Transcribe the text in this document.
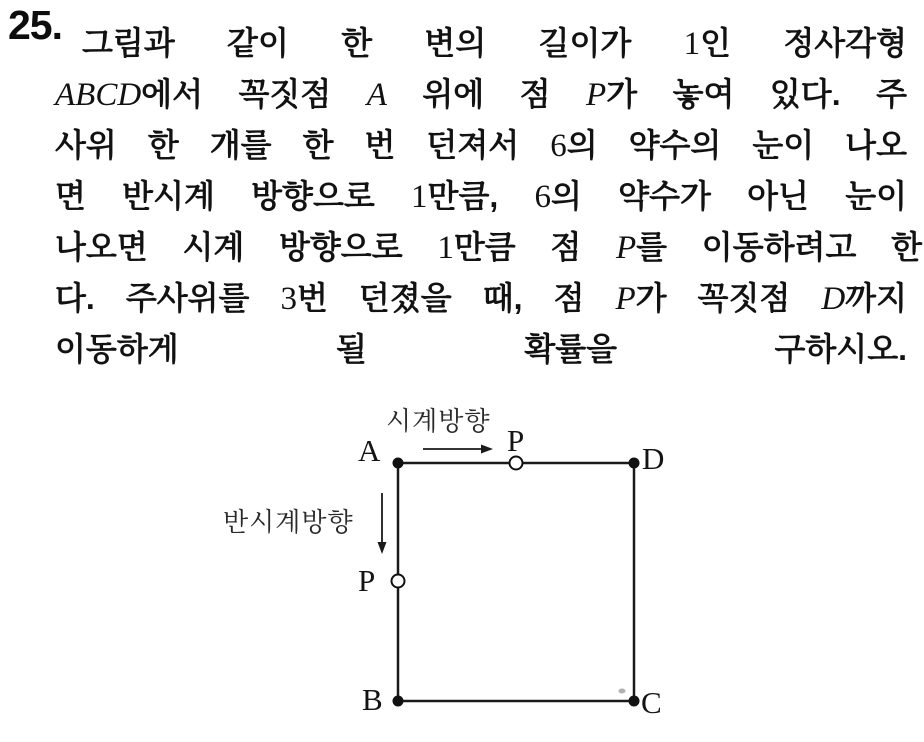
25. 그림과 같이 한 변의 길이가 1인 정사각형

ABCD에서 꼭짓점 A 위에 점 P가 놓여 있다. 주

사위 한 개를 한 번 던져서 6의 약수의 눈이 나오

면 반시계 방향으로 1만큼, 6의 약수가 아닌 눈이

나오면 시계 방향으로 1만큼 점 P를 이동하려고 한

다. 주사위를 3번 던졌을 때, 점 P가 꼭짓점 D까지

이동하게 될 확률을 구하시오.

시계방향
반시계방향
P
P
A	D
B	C
